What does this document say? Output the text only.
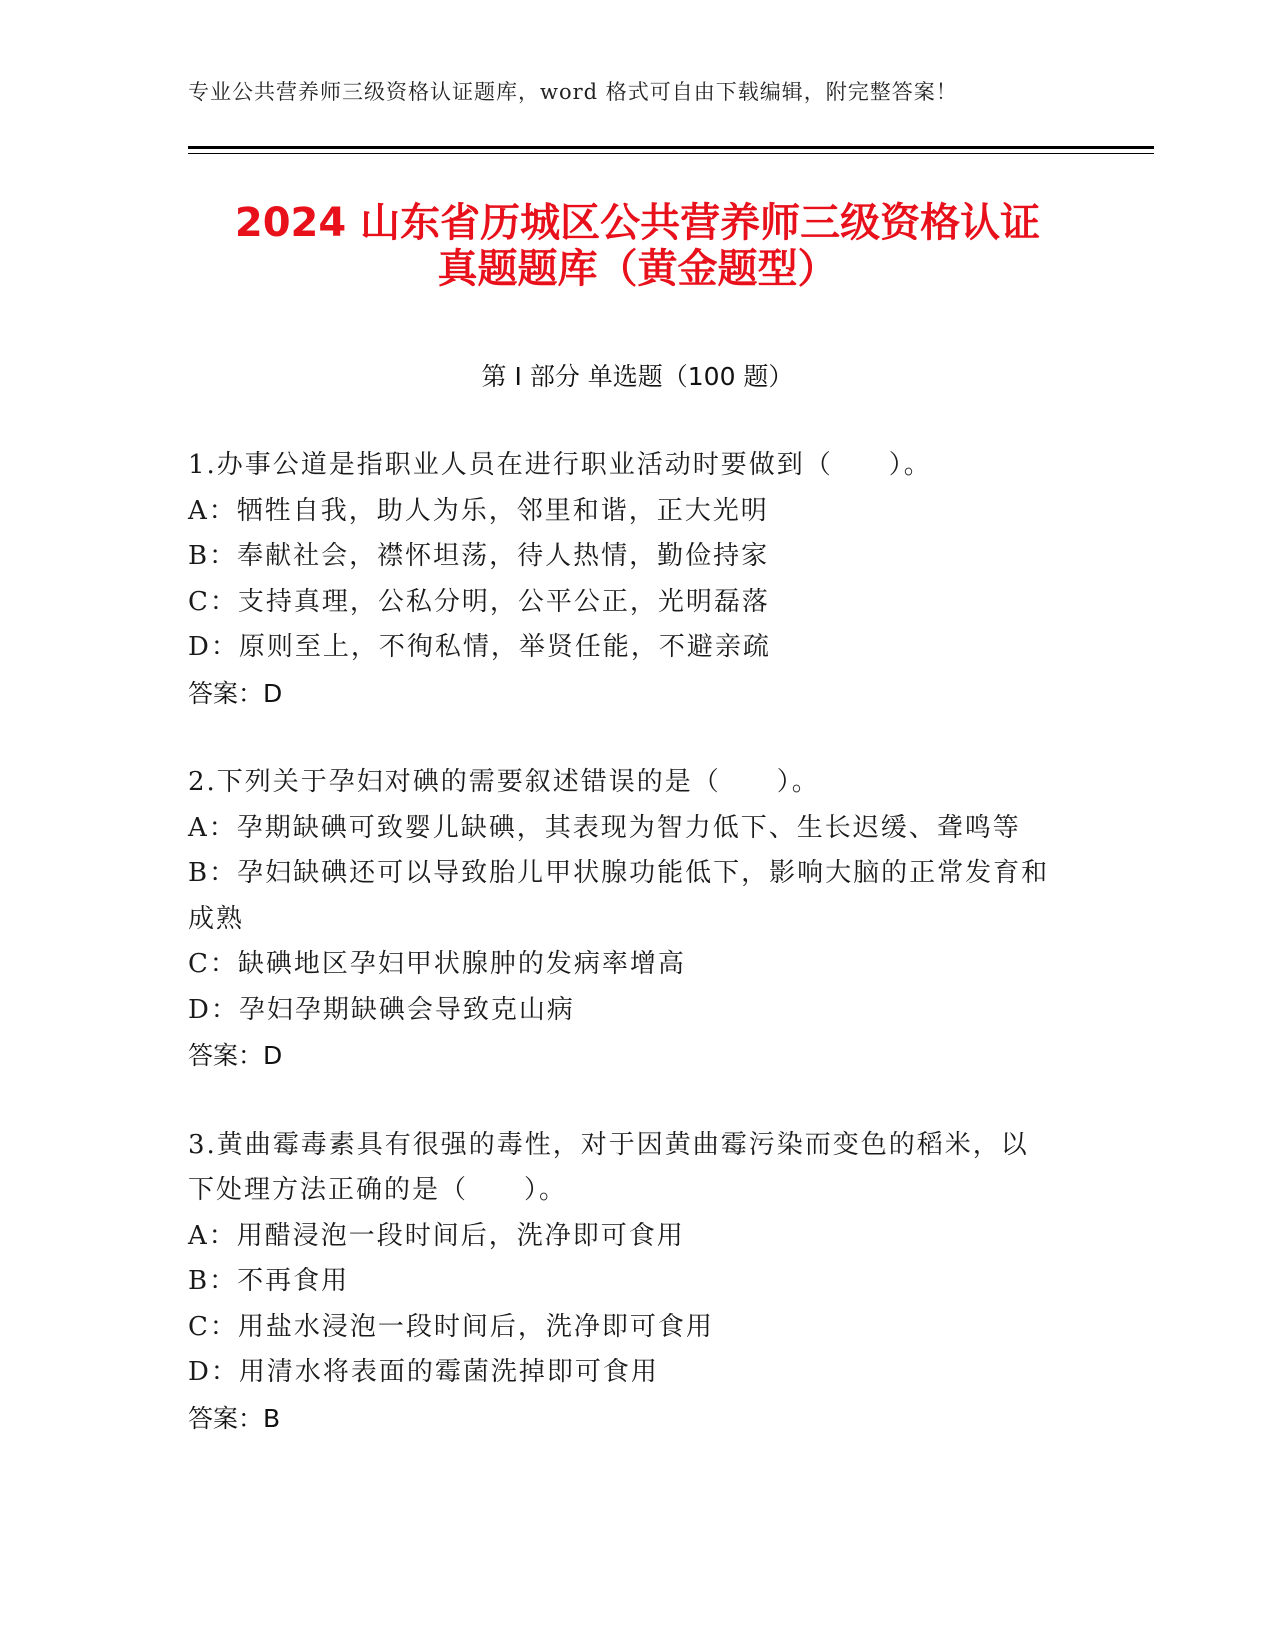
专业公共营养师三级资格认证题库，word 格式可自由下载编辑，附完整答案！
2024 山东省历城区公共营养师三级资格认证
真题题库（黄金题型）
第 I 部分 单选题（100 题）
1.办事公道是指职业人员在进行职业活动时要做到（　　）。
A：牺牲自我，助人为乐，邻里和谐，正大光明
B：奉献社会，襟怀坦荡，待人热情，勤俭持家
C：支持真理，公私分明，公平公正，光明磊落
D：原则至上，不徇私情，举贤任能，不避亲疏
答案：D
2.下列关于孕妇对碘的需要叙述错误的是（　　）。
A：孕期缺碘可致婴儿缺碘，其表现为智力低下、生长迟缓、聋鸣等
B：孕妇缺碘还可以导致胎儿甲状腺功能低下，影响大脑的正常发育和
成熟
C：缺碘地区孕妇甲状腺肿的发病率增高
D：孕妇孕期缺碘会导致克山病
答案：D
3.黄曲霉毒素具有很强的毒性，对于因黄曲霉污染而变色的稻米，以
下处理方法正确的是（　　）。
A：用醋浸泡一段时间后，洗净即可食用
B：不再食用
C：用盐水浸泡一段时间后，洗净即可食用
D：用清水将表面的霉菌洗掉即可食用
答案：B
